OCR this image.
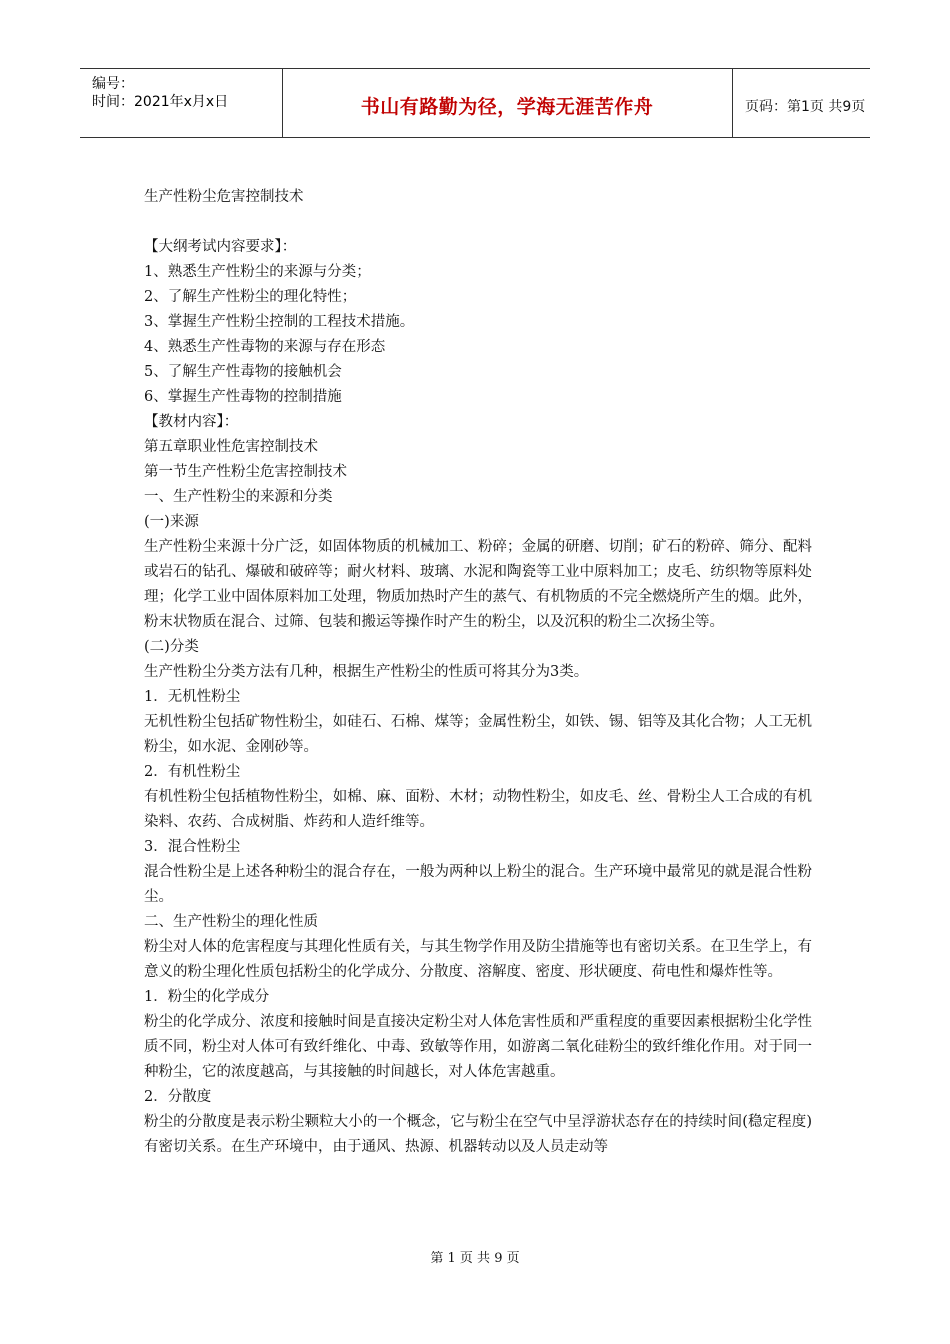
编号：
时间：2021年x月x日	书山有路勤为径，学海无涯苦作舟	页码：第1页 共9页

生产性粉尘危害控制技术

【大纲考试内容要求】：

1、熟悉生产性粉尘的来源与分类；

2、了解生产性粉尘的理化特性；

3、掌握生产性粉尘控制的工程技术措施。

4、熟悉生产性毒物的来源与存在形态

5、了解生产性毒物的接触机会

6、掌握生产性毒物的控制措施

【教材内容】：

第五章职业性危害控制技术

第一节生产性粉尘危害控制技术

一、生产性粉尘的来源和分类

(一)来源

生产性粉尘来源十分广泛，如固体物质的机械加工、粉碎；金属的研磨、切削；矿石的粉碎、筛分、配料或岩石的钻孔、爆破和破碎等；耐火材料、玻璃、水泥和陶瓷等工业中原料加工；皮毛、纺织物等原料处理；化学工业中固体原料加工处理，物质加热时产生的蒸气、有机物质的不完全燃烧所产生的烟。此外，粉末状物质在混合、过筛、包装和搬运等操作时产生的粉尘，以及沉积的粉尘二次扬尘等。

(二)分类

生产性粉尘分类方法有几种，根据生产性粉尘的性质可将其分为3类。

1．无机性粉尘

无机性粉尘包括矿物性粉尘，如硅石、石棉、煤等；金属性粉尘，如铁、锡、铝等及其化合物；人工无机粉尘，如水泥、金刚砂等。

2．有机性粉尘

有机性粉尘包括植物性粉尘，如棉、麻、面粉、木材；动物性粉尘，如皮毛、丝、骨粉尘人工合成的有机染料、农药、合成树脂、炸药和人造纤维等。

3．混合性粉尘

混合性粉尘是上述各种粉尘的混合存在，一般为两种以上粉尘的混合。生产环境中最常见的就是混合性粉尘。

二、生产性粉尘的理化性质

粉尘对人体的危害程度与其理化性质有关，与其生物学作用及防尘措施等也有密切关系。在卫生学上，有意义的粉尘理化性质包括粉尘的化学成分、分散度、溶解度、密度、形状硬度、荷电性和爆炸性等。

1．粉尘的化学成分

粉尘的化学成分、浓度和接触时间是直接决定粉尘对人体危害性质和严重程度的重要因素根据粉尘化学性质不同，粉尘对人体可有致纤维化、中毒、致敏等作用，如游离二氧化硅粉尘的致纤维化作用。对于同一种粉尘，它的浓度越高，与其接触的时间越长，对人体危害越重。

2．分散度

粉尘的分散度是表示粉尘颗粒大小的一个概念，它与粉尘在空气中呈浮游状态存在的持续时间(稳定程度)有密切关系。在生产环境中，由于通风、热源、机器转动以及人员走动等

第 1 页 共 9 页
